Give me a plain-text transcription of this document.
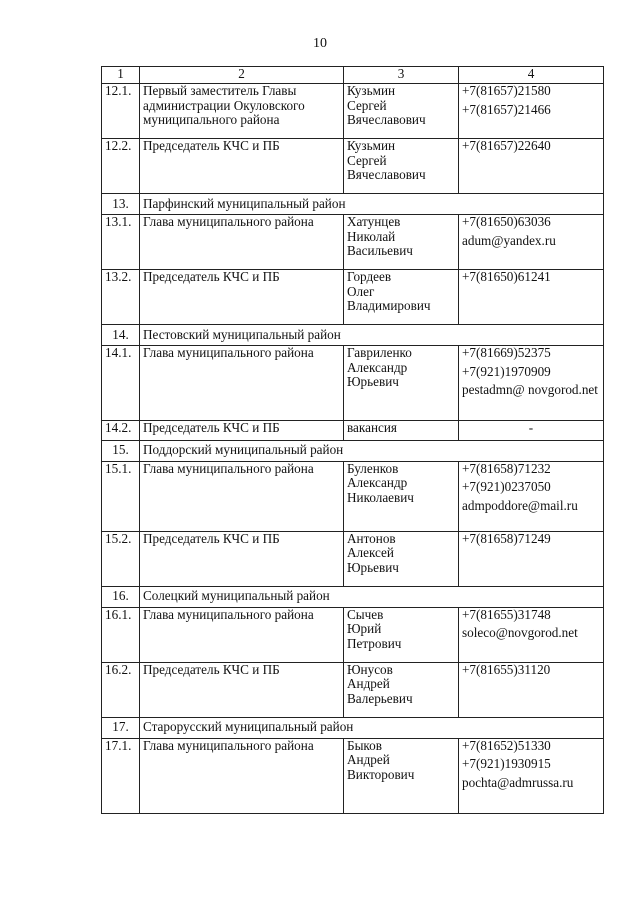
10
1	2	3	4
12.1.	Первый заместитель Главы администрации Окуловского муниципального района	Кузьмин
Сергей
Вячеславович	+7(81657)21580
+7(81657)21466

12.2.	Председатель КЧС и ПБ	Кузьмин
Сергей
Вячеславович	+7(81657)22640

13.	Парфинский муниципальный район		
13.1.	Глава муниципального района	Хатунцев
Николай
Васильевич	+7(81650)63036
adum@yandex.ru

13.2.	Председатель КЧС и ПБ	Гордеев
Олег
Владимирович	+7(81650)61241

14.	Пестовский муниципальный район		
14.1.	Глава муниципального района	Гавриленко
Александр
Юрьевич	+7(81669)52375
+7(921)1970909
pestadmn@ novgorod.net

14.2.	Председатель КЧС и ПБ	вакансия	-

15.	Поддорский муниципальный район		
15.1.	Глава муниципального района	Буленков
Александр
Николаевич	+7(81658)71232
+7(921)0237050
admpoddore@mail.ru

15.2.	Председатель КЧС и ПБ	Антонов
Алексей
Юрьевич	+7(81658)71249

16.	Солецкий муниципальный район		
16.1.	Глава муниципального района	Сычев
Юрий
Петрович	+7(81655)31748
soleco@novgorod.net

16.2.	Председатель КЧС и ПБ	Юнусов
Андрей
Валерьевич	+7(81655)31120

17.	Старорусский муниципальный район		
17.1.	Глава муниципального района	Быков
Андрей
Викторович	+7(81652)51330
+7(921)1930915
pochta@admrussa.ru
